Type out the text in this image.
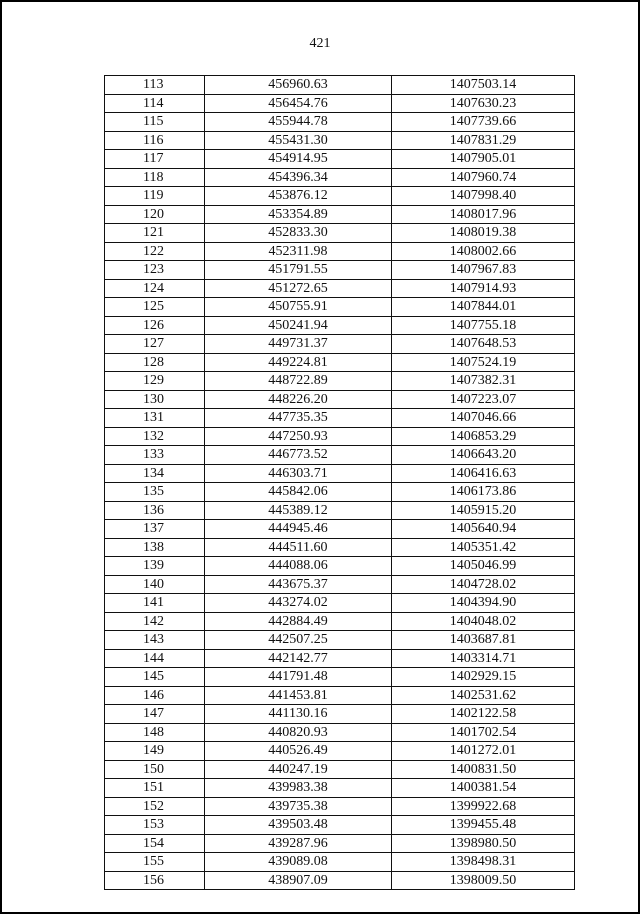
421
113	456960.63	1407503.14
114	456454.76	1407630.23
115	455944.78	1407739.66
116	455431.30	1407831.29
117	454914.95	1407905.01
118	454396.34	1407960.74
119	453876.12	1407998.40
120	453354.89	1408017.96
121	452833.30	1408019.38
122	452311.98	1408002.66
123	451791.55	1407967.83
124	451272.65	1407914.93
125	450755.91	1407844.01
126	450241.94	1407755.18
127	449731.37	1407648.53
128	449224.81	1407524.19
129	448722.89	1407382.31
130	448226.20	1407223.07
131	447735.35	1407046.66
132	447250.93	1406853.29
133	446773.52	1406643.20
134	446303.71	1406416.63
135	445842.06	1406173.86
136	445389.12	1405915.20
137	444945.46	1405640.94
138	444511.60	1405351.42
139	444088.06	1405046.99
140	443675.37	1404728.02
141	443274.02	1404394.90
142	442884.49	1404048.02
143	442507.25	1403687.81
144	442142.77	1403314.71
145	441791.48	1402929.15
146	441453.81	1402531.62
147	441130.16	1402122.58
148	440820.93	1401702.54
149	440526.49	1401272.01
150	440247.19	1400831.50
151	439983.38	1400381.54
152	439735.38	1399922.68
153	439503.48	1399455.48
154	439287.96	1398980.50
155	439089.08	1398498.31
156	438907.09	1398009.50
